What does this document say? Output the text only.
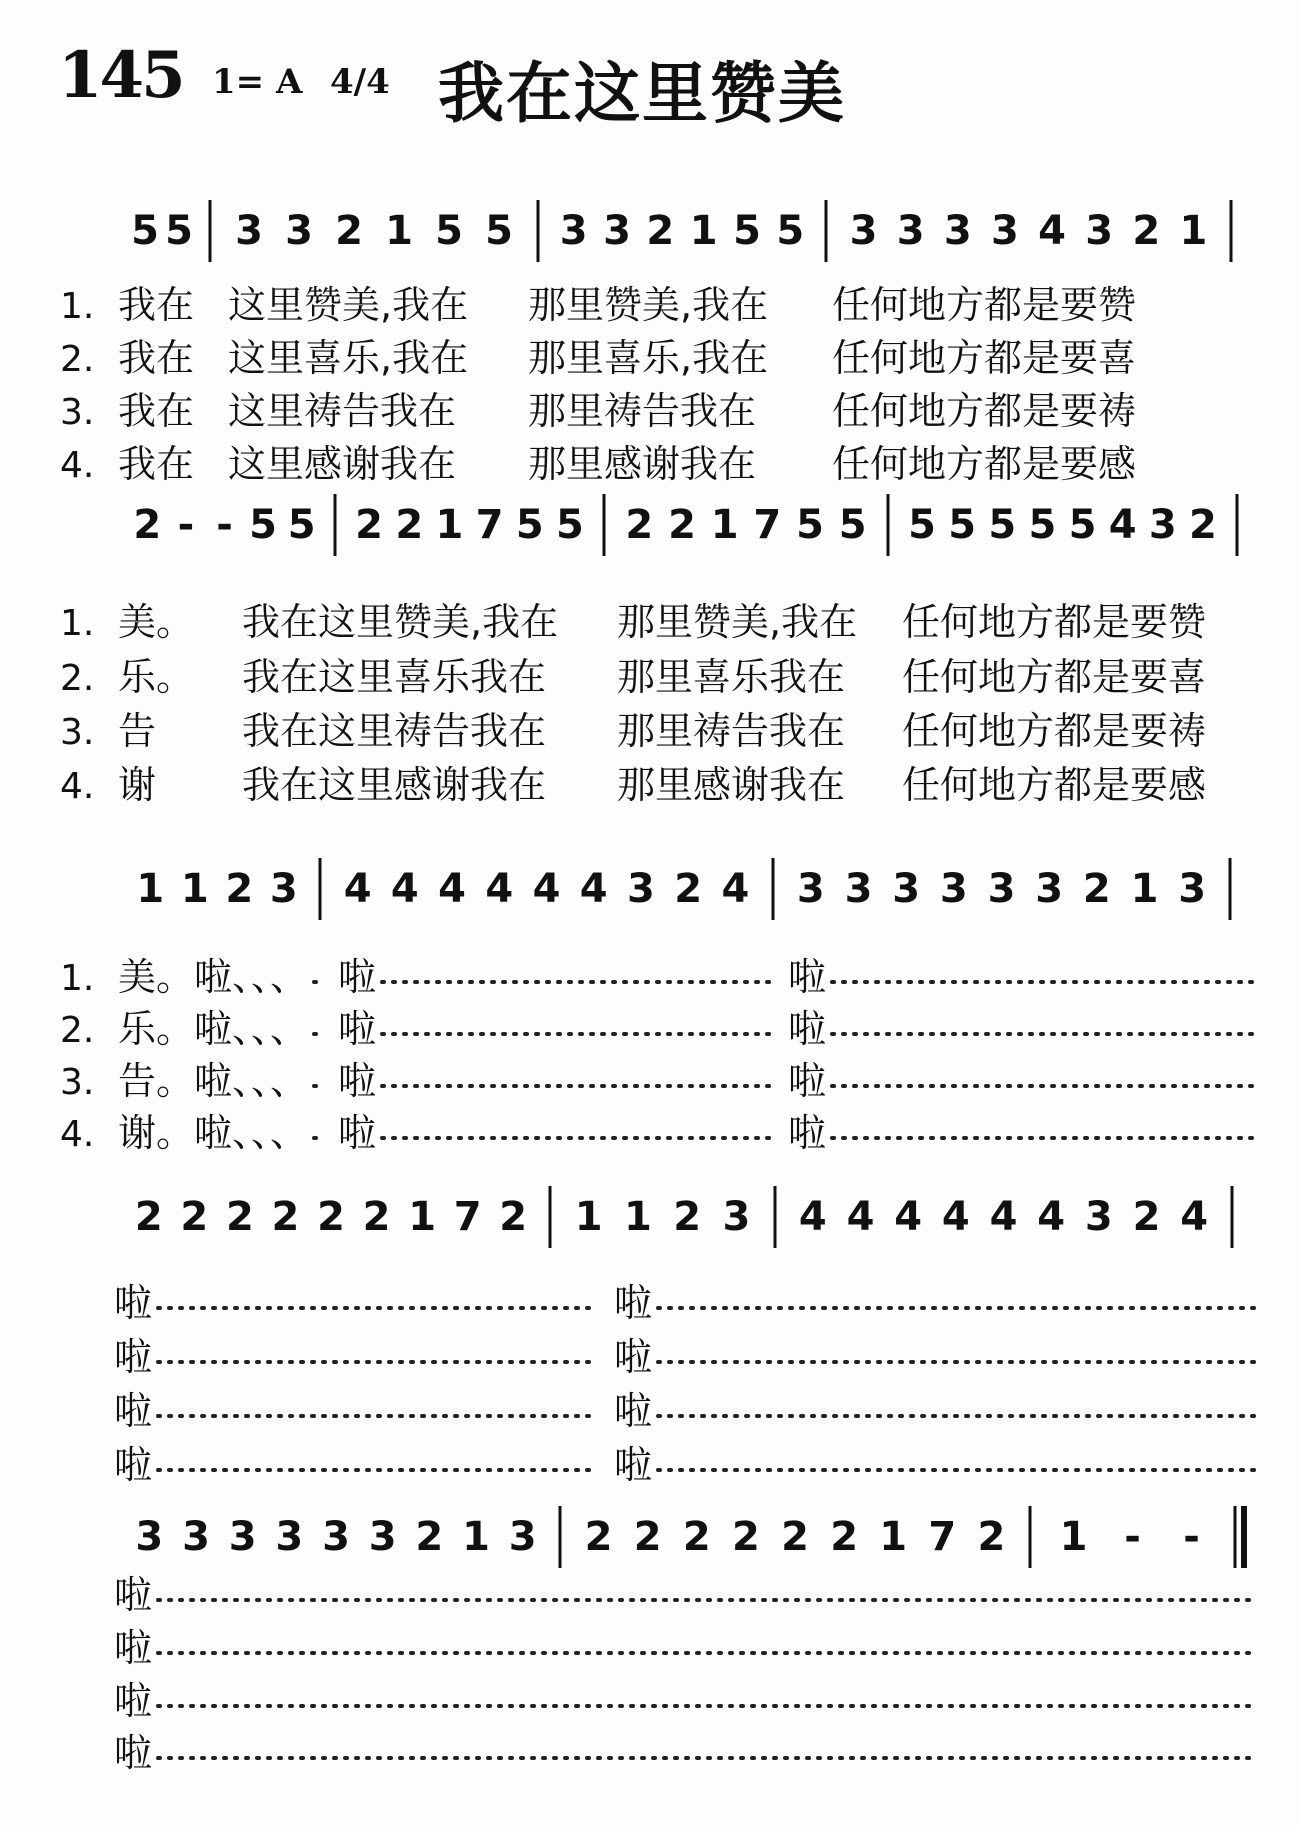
145 1= A 4/4 我在这里赞美
5 5 3 3 2 1 5 5 3 3 2 1 5 5 3 3 3 3 4 3 2 1
1. 我在 这里赞美,我在 那里赞美,我在 任何地方都是要赞
2. 我在 这里喜乐,我在 那里喜乐,我在 任何地方都是要喜
3. 我在 这里祷告我在 那里祷告我在 任何地方都是要祷
4. 我在 这里感谢我在 那里感谢我在 任何地方都是要感
2 - - 5 5 2 2 1 7 5 5 2 2 1 7 5 5 5 5 5 5 5 4 3 2
1. 美。 我在这里赞美,我在 那里赞美,我在 任何地方都是要赞
2. 乐。 我在这里喜乐我在 那里喜乐我在 任何地方都是要喜
3. 告 我在这里祷告我在 那里祷告我在 任何地方都是要祷
4. 谢 我在这里感谢我在 那里感谢我在 任何地方都是要感
1 1 2 3 4 4 4 4 4 4 3 2 4 3 3 3 3 3 3 2 1 3
1. 美。啦、、、 啦	啦
2. 乐。啦、、、 啦	啦
3. 告。啦、、、 啦	啦
4. 谢。啦、、、 啦	啦
2 2 2 2 2 2 1 7 2 1 1 2 3 4 4 4 4 4 4 3 2 4
啦	啦
啦	啦
啦	啦
啦	啦
3 3 3 3 3 3 2 1 3 2 2 2 2 2 2 1 7 2 1 - -
啦
啦
啦
啦
